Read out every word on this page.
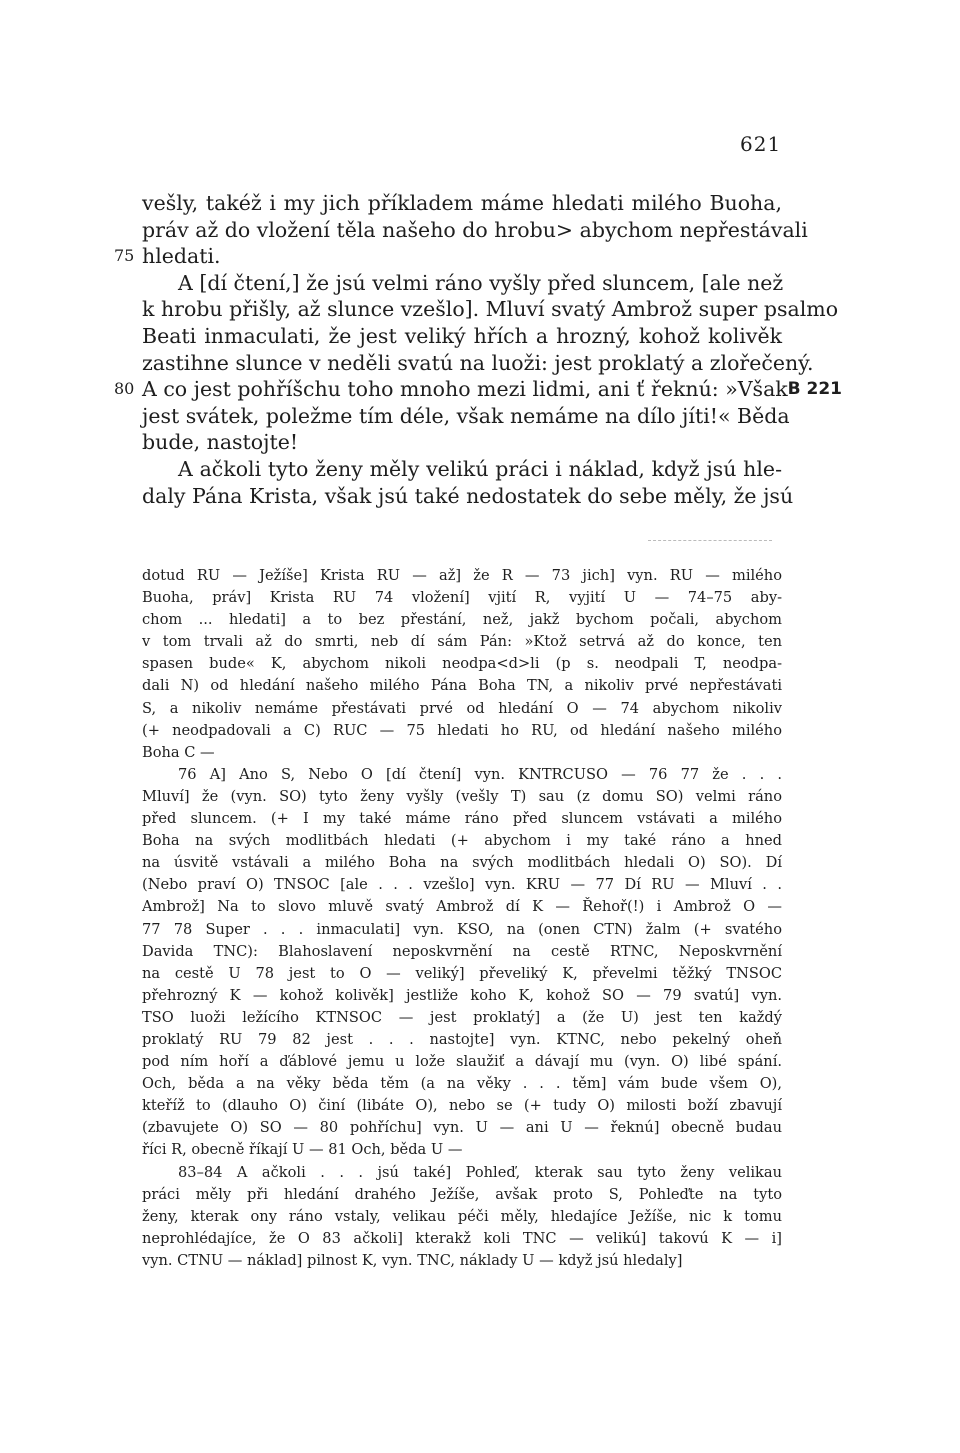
621
vešly, takéž i my jich příkladem máme hledati milého Buoha,
práv až do vložení těla našeho do hrobu> abychom nepřestávali
75 hledati.
A [dí čtení,] že jsú velmi ráno vyšly před sluncem, [ale než
k hrobu přišly, až slunce vzešlo]. Mluví svatý Ambrož super psalmo
Beati inmaculati, že jest veliký hřích a hrozný, kohož kolivěk
zastihne slunce v neděli svatú na luoži: jest proklatý a zlořečený.
80 A co jest pohříšchu toho mnoho mezi lidmi, ani ť řeknú: »Však B 221
jest svátek, poležme tím déle, však nemáme na dílo jíti!« Běda
bude, nastojte!
A ačkoli tyto ženy měly velikú práci i náklad, když jsú hle-
daly Pána Krista, však jsú také nedostatek do sebe měly, že jsú
dotud RU — Ježíše] Krista RU — až] že R — 73 jich] vyn. RU — milého
Buoha, práv] Krista RU 74 vložení] vjití R, vyjití U — 74–75 aby-
chom ... hledati] a to bez přestání, než, jakž bychom počali, abychom
v tom trvali až do smrti, neb dí sám Pán: »Ktož setrvá až do konce, ten
spasen bude« K, abychom nikoli neodpa<d>li (p s. neodpali T, neodpa-
dali N) od hledání našeho milého Pána Boha TN, a nikoliv prvé nepřestávati
S, a nikoliv nemáme přestávati prvé od hledání O — 74 abychom nikoliv
(+ neodpadovali a C) RUC — 75 hledati ho RU, od hledání našeho milého
Boha C —
76 A] Ano S, Nebo O [dí čtení] vyn. KNTRCUSO — 76 77 že . . .
Mluví] že (vyn. SO) tyto ženy vyšly (vešly T) sau (z domu SO) velmi ráno
před sluncem. (+ I my také máme ráno před sluncem vstávati a milého
Boha na svých modlitbách hledati (+ abychom i my také ráno a hned
na úsvitě vstávali a milého Boha na svých modlitbách hledali O) SO). Dí
(Nebo praví O) TNSOC [ale . . . vzešlo] vyn. KRU — 77 Dí RU — Mluví . .
Ambrož] Na to slovo mluvě svatý Ambrož dí K — Řehoř(!) i Ambrož O —
77 78 Super . . . inmaculati] vyn. KSO, na (onen CTN) žalm (+ svatého
Davida TNC): Blahoslavení neposkvrnění na cestě RTNC, Neposkvrnění
na cestě U 78 jest to O — veliký] převeliký K, převelmi těžký TNSOC
přehrozný K — kohož kolivěk] jestliže koho K, kohož SO — 79 svatú] vyn.
TSO luoži ležícího KTNSOC — jest proklatý] a (že U) jest ten každý
proklatý RU 79 82 jest . . . nastojte] vyn. KTNC, nebo pekelný oheň
pod ním hoří a ďáblové jemu u lože slaužiť a dávají mu (vyn. O) libé spání.
Och, běda a na věky běda těm (a na věky . . . těm] vám bude všem O),
kteříž to (dlauho O) činí (libáte O), nebo se (+ tudy O) milosti boží zbavují
(zbavujete O) SO — 80 pohříchu] vyn. U — ani U — řeknú] obecně budau
říci R, obecně říkají U — 81 Och, běda U —
83–84 A ačkoli . . . jsú také] Pohleď, kterak sau tyto ženy velikau
práci měly při hledání drahého Ježíše, avšak proto S, Pohleďte na tyto
ženy, kterak ony ráno vstaly, velikau péči měly, hledajíce Ježíše, nic k tomu
neprohlédajíce, že O 83 ačkoli] kterakž koli TNC — velikú] takovú K — i]
vyn. CTNU — náklad] pilnost K, vyn. TNC, náklady U — když jsú hledaly]
